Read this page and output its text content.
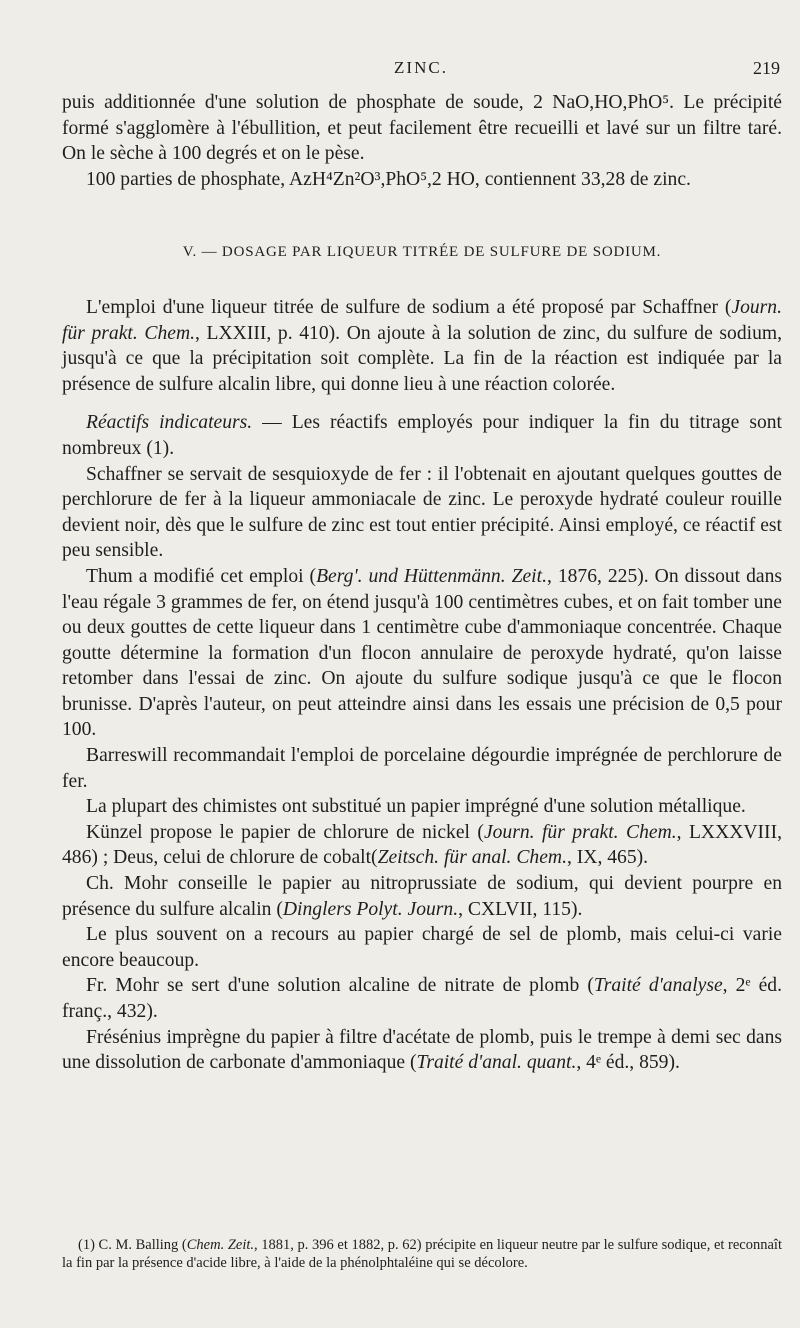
ZINC.	219

puis additionnée d'une solution de phosphate de soude, 2 NaO,HO,PhO⁵. Le précipité formé s'agglomère à l'ébullition, et peut facilement être recueilli et lavé sur un filtre taré. On le sèche à 100 degrés et on le pèse.

100 parties de phosphate, AzH⁴Zn²O³,PhO⁵,2 HO, contiennent 33,28 de zinc.

V. — DOSAGE PAR LIQUEUR TITRÉE DE SULFURE DE SODIUM.

L'emploi d'une liqueur titrée de sulfure de sodium a été proposé par Schaffner (Journ. für prakt. Chem., LXXIII, p. 410). On ajoute à la solution de zinc, du sulfure de sodium, jusqu'à ce que la précipitation soit complète. La fin de la réaction est indiquée par la présence de sulfure alcalin libre, qui donne lieu à une réaction colorée.

Réactifs indicateurs. — Les réactifs employés pour indiquer la fin du titrage sont nombreux (1).

Schaffner se servait de sesquioxyde de fer : il l'obtenait en ajoutant quelques gouttes de perchlorure de fer à la liqueur ammoniacale de zinc. Le peroxyde hydraté couleur rouille devient noir, dès que le sulfure de zinc est tout entier précipité. Ainsi employé, ce réactif est peu sensible.

Thum a modifié cet emploi (Berg'. und Hüttenmänn. Zeit., 1876, 225). On dissout dans l'eau régale 3 grammes de fer, on étend jusqu'à 100 centimètres cubes, et on fait tomber une ou deux gouttes de cette liqueur dans 1 centimètre cube d'ammoniaque concentrée. Chaque goutte détermine la formation d'un flocon annulaire de peroxyde hydraté, qu'on laisse retomber dans l'essai de zinc. On ajoute du sulfure sodique jusqu'à ce que le flocon brunisse. D'après l'auteur, on peut atteindre ainsi dans les essais une précision de 0,5 pour 100.

Barreswill recommandait l'emploi de porcelaine dégourdie imprégnée de perchlorure de fer.

La plupart des chimistes ont substitué un papier imprégné d'une solution métallique.

Künzel propose le papier de chlorure de nickel (Journ. für prakt. Chem., LXXXVIII, 486) ; Deus, celui de chlorure de cobalt(Zeitsch. für anal. Chem., IX, 465).

Ch. Mohr conseille le papier au nitroprussiate de sodium, qui devient pourpre en présence du sulfure alcalin (Dinglers Polyt. Journ., CXLVII, 115).

Le plus souvent on a recours au papier chargé de sel de plomb, mais celui-ci varie encore beaucoup.

Fr. Mohr se sert d'une solution alcaline de nitrate de plomb (Traité d'analyse, 2ᵉ éd. franç., 432).

Frésénius imprègne du papier à filtre d'acétate de plomb, puis le trempe à demi sec dans une dissolution de carbonate d'ammoniaque (Traité d'anal. quant., 4ᵉ éd., 859).

(1) C. M. Balling (Chem. Zeit., 1881, p. 396 et 1882, p. 62) précipite en liqueur neutre par le sulfure sodique, et reconnaît la fin par la présence d'acide libre, à l'aide de la phénolphtaléine qui se décolore.
